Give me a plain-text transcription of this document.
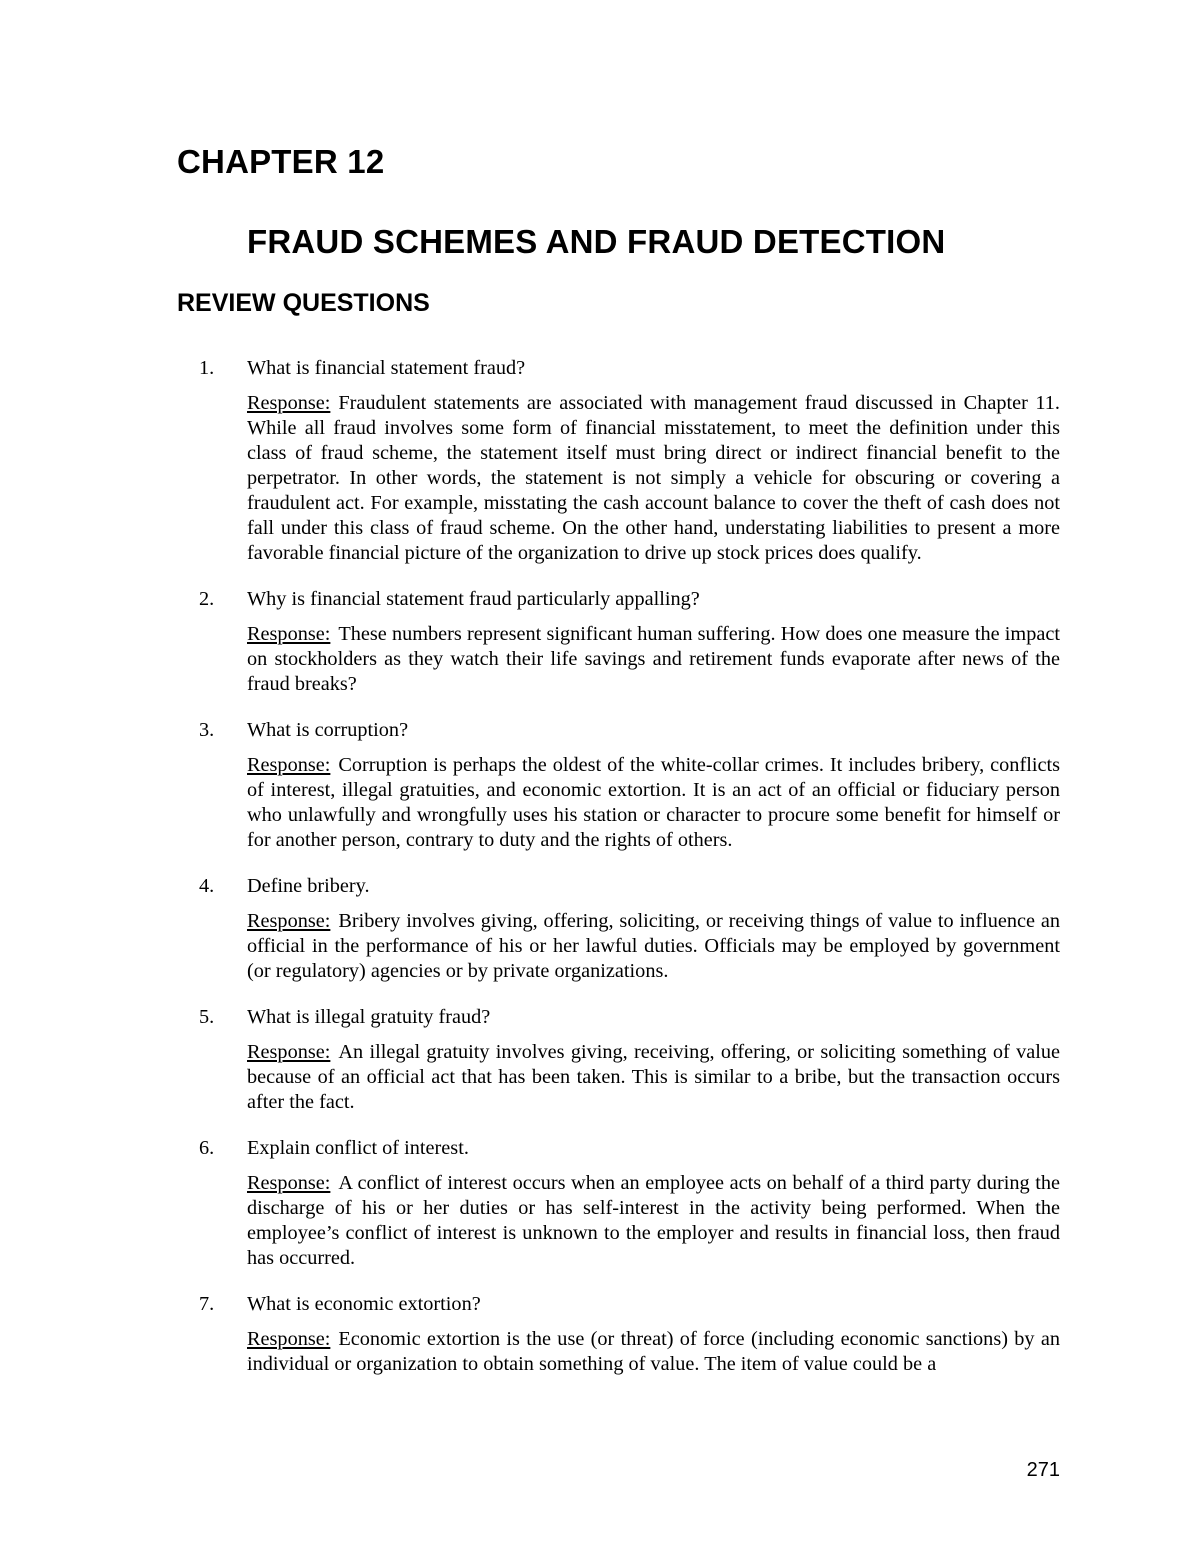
CHAPTER 12
FRAUD SCHEMES AND FRAUD DETECTION
REVIEW QUESTIONS
1.	What is financial statement fraud?
Response: Fraudulent statements are associated with management fraud discussed in Chapter 11. While all fraud involves some form of financial misstatement, to meet the definition under this class of fraud scheme, the statement itself must bring direct or indirect financial benefit to the perpetrator. In other words, the statement is not simply a vehicle for obscuring or covering a fraudulent act. For example, misstating the cash account balance to cover the theft of cash does not fall under this class of fraud scheme. On the other hand, understating liabilities to present a more favorable financial picture of the organization to drive up stock prices does qualify.
2.	Why is financial statement fraud particularly appalling?
Response: These numbers represent significant human suffering. How does one measure the impact on stockholders as they watch their life savings and retirement funds evaporate after news of the fraud breaks?
3.	What is corruption?
Response: Corruption is perhaps the oldest of the white-collar crimes. It includes bribery, conflicts of interest, illegal gratuities, and economic extortion. It is an act of an official or fiduciary person who unlawfully and wrongfully uses his station or character to procure some benefit for himself or for another person, contrary to duty and the rights of others.
4.	Define bribery.
Response: Bribery involves giving, offering, soliciting, or receiving things of value to influence an official in the performance of his or her lawful duties. Officials may be employed by government (or regulatory) agencies or by private organizations.
5.	What is illegal gratuity fraud?
Response: An illegal gratuity involves giving, receiving, offering, or soliciting something of value because of an official act that has been taken. This is similar to a bribe, but the transaction occurs after the fact.
6.	Explain conflict of interest.
Response: A conflict of interest occurs when an employee acts on behalf of a third party during the discharge of his or her duties or has self-interest in the activity being performed. When the employee’s conflict of interest is unknown to the employer and results in financial loss, then fraud has occurred.
7.	What is economic extortion?
Response: Economic extortion is the use (or threat) of force (including economic sanctions) by an individual or organization to obtain something of value. The item of value could be a
271
